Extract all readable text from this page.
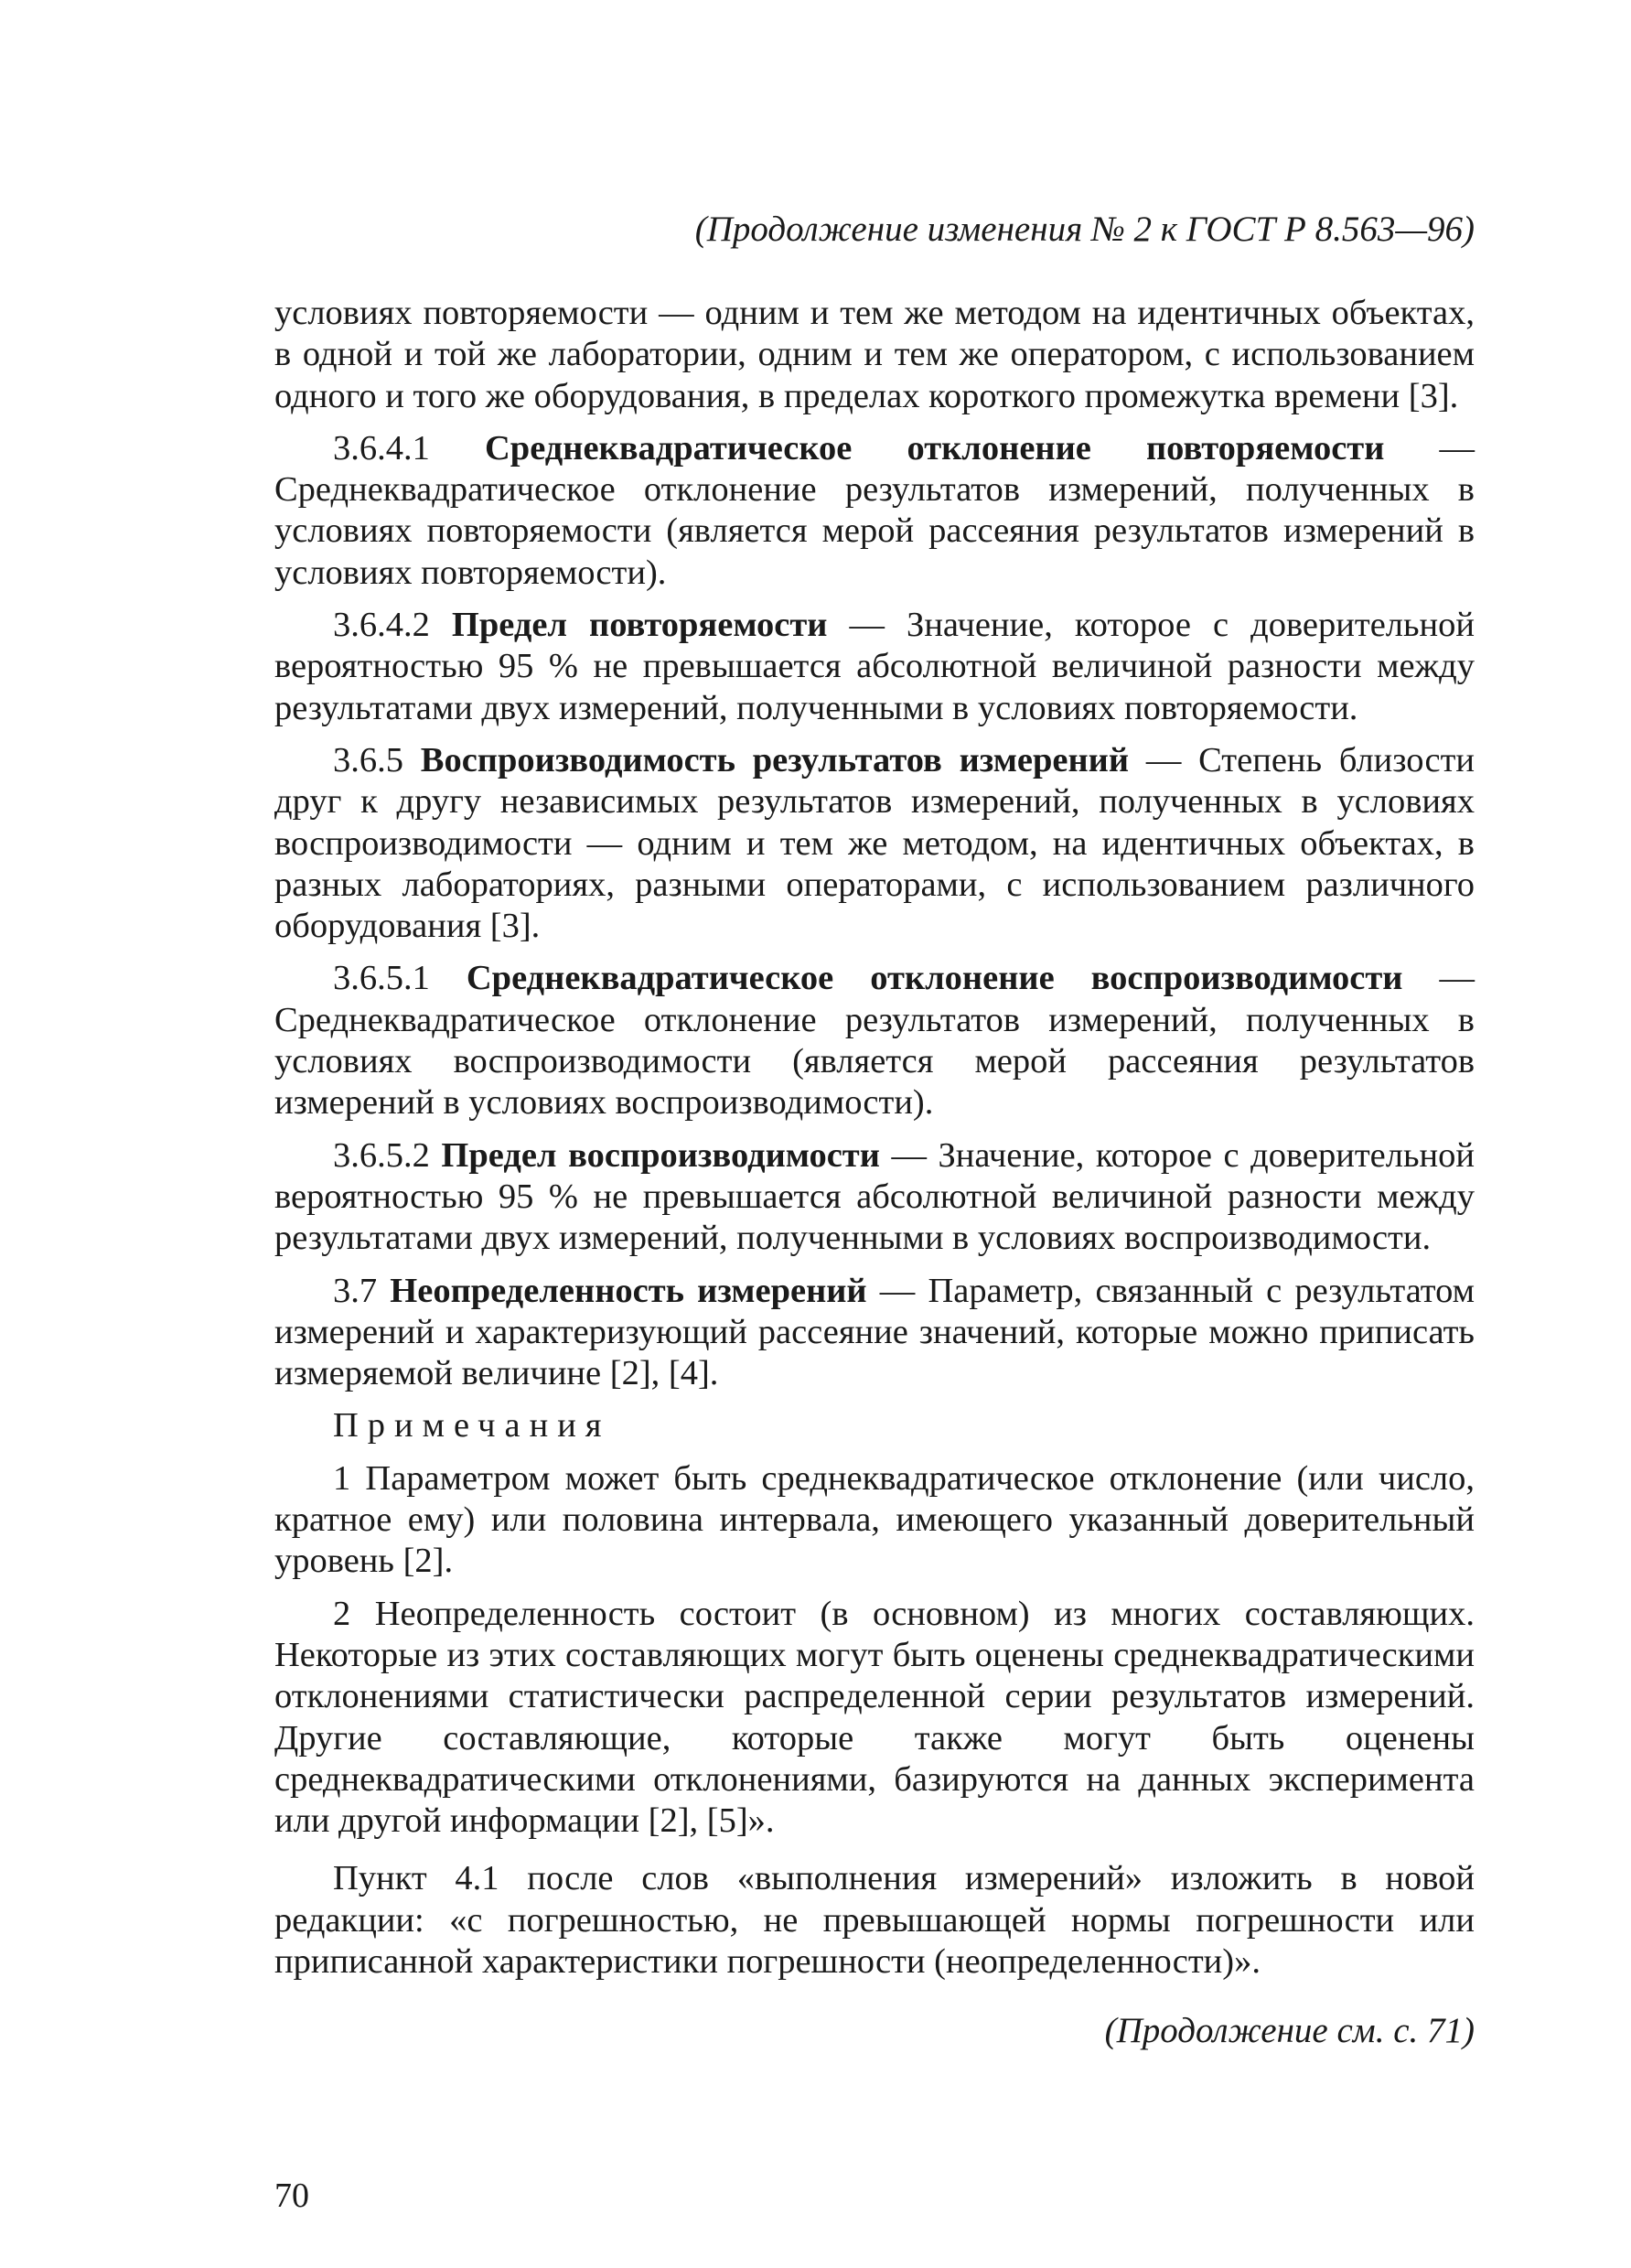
(Продолжение изменения № 2 к ГОСТ Р 8.563—96)

условиях повторяемости — одним и тем же методом на идентичных объектах, в одной и той же лаборатории, одним и тем же оператором, с использованием одного и того же оборудования, в пределах короткого промежутка времени [3].

3.6.4.1 Среднеквадратическое отклонение повторяемости — Среднеквадратическое отклонение результатов измерений, полученных в условиях повторяемости (является мерой рассеяния результатов измерений в условиях повторяемости).

3.6.4.2 Предел повторяемости — Значение, которое с доверительной вероятностью 95 % не превышается абсолютной величиной разности между результатами двух измерений, полученными в условиях повторяемости.

3.6.5 Воспроизводимость результатов измерений — Степень близости друг к другу независимых результатов измерений, полученных в условиях воспроизводимости — одним и тем же методом, на идентичных объектах, в разных лабораториях, разными операторами, с использованием различного оборудования [3].

3.6.5.1 Среднеквадратическое отклонение воспроизводимости — Среднеквадратическое отклонение результатов измерений, полученных в условиях воспроизводимости (является мерой рассеяния результатов измерений в условиях воспроизводимости).

3.6.5.2 Предел воспроизводимости — Значение, которое с доверительной вероятностью 95 % не превышается абсолютной величиной разности между результатами двух измерений, полученными в условиях воспроизводимости.

3.7 Неопределенность измерений — Параметр, связанный с результатом измерений и характеризующий рассеяние значений, которые можно приписать измеряемой величине [2], [4].

Примечания

1 Параметром может быть среднеквадратическое отклонение (или число, кратное ему) или половина интервала, имеющего указанный доверительный уровень [2].

2 Неопределенность состоит (в основном) из многих составляющих. Некоторые из этих составляющих могут быть оценены среднеквадратическими отклонениями статистически распределенной серии результатов измерений. Другие составляющие, которые также могут быть оценены среднеквадратическими отклонениями, базируются на данных эксперимента или другой информации [2], [5]».

Пункт 4.1 после слов «выполнения измерений» изложить в новой редакции: «с погрешностью, не превышающей нормы погрешности или приписанной характеристики погрешности (неопределенности)».

(Продолжение см. с. 71)
70
